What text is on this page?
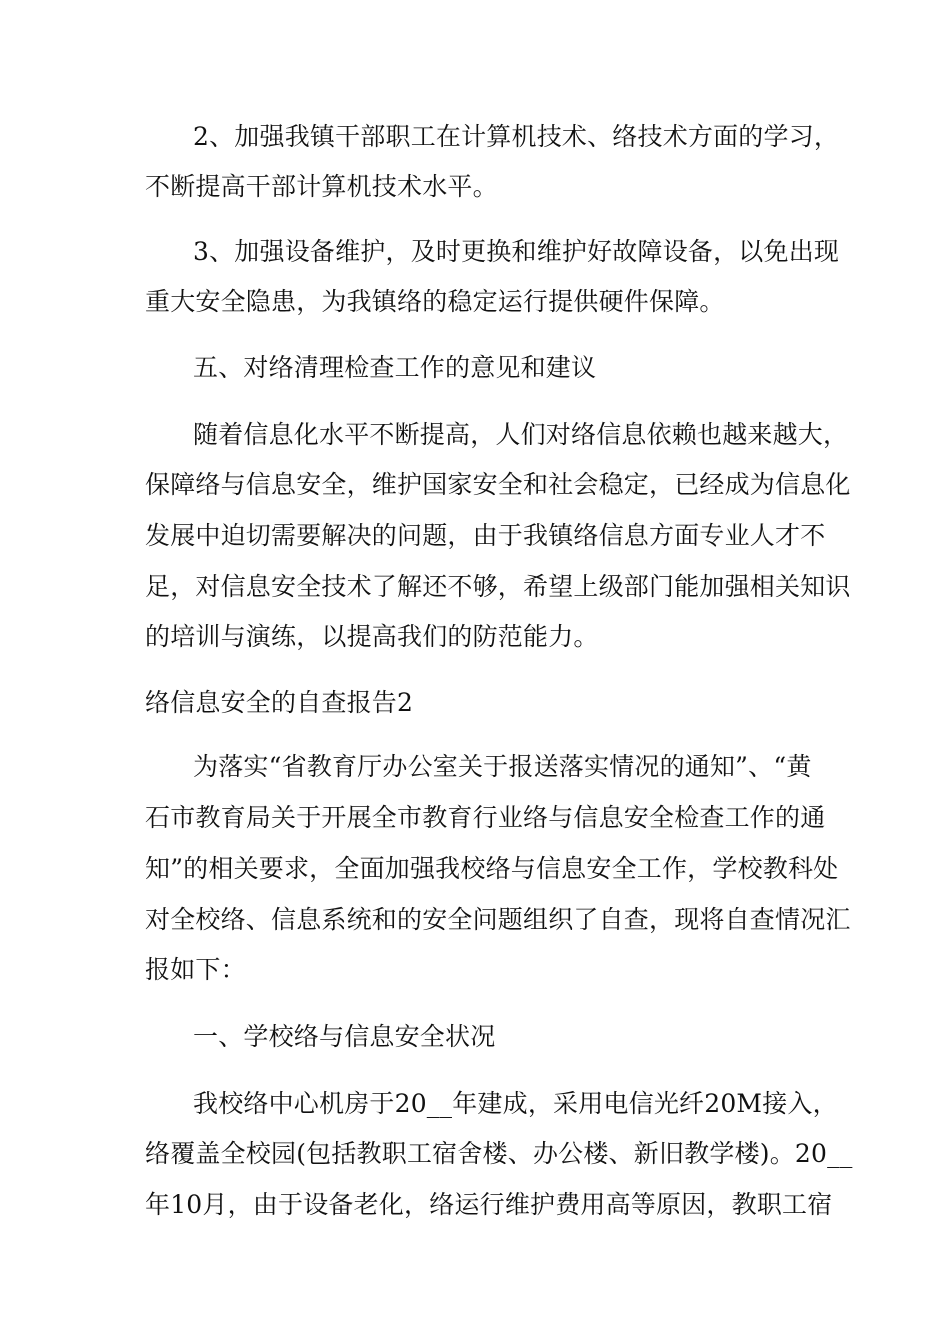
2、加强我镇干部职工在计算机技术、络技术方面的学习，
不断提高干部计算机技术水平。
3、加强设备维护，及时更换和维护好故障设备，以免出现
重大安全隐患，为我镇络的稳定运行提供硬件保障。
五、对络清理检查工作的意见和建议
随着信息化水平不断提高，人们对络信息依赖也越来越大，
保障络与信息安全，维护国家安全和社会稳定，已经成为信息化
发展中迫切需要解决的问题，由于我镇络信息方面专业人才不
足，对信息安全技术了解还不够，希望上级部门能加强相关知识
的培训与演练，以提高我们的防范能力。
络信息安全的自查报告2
为落实“省教育厅办公室关于报送落实情况的通知”、“黄
石市教育局关于开展全市教育行业络与信息安全检查工作的通
知”的相关要求，全面加强我校络与信息安全工作，学校教科处
对全校络、信息系统和的安全问题组织了自查，现将自查情况汇
报如下：
一、学校络与信息安全状况
我校络中心机房于20__年建成，采用电信光纤20M接入，
络覆盖全校园(包括教职工宿舍楼、办公楼、新旧教学楼)。20__
年10月，由于设备老化，络运行维护费用高等原因，教职工宿
